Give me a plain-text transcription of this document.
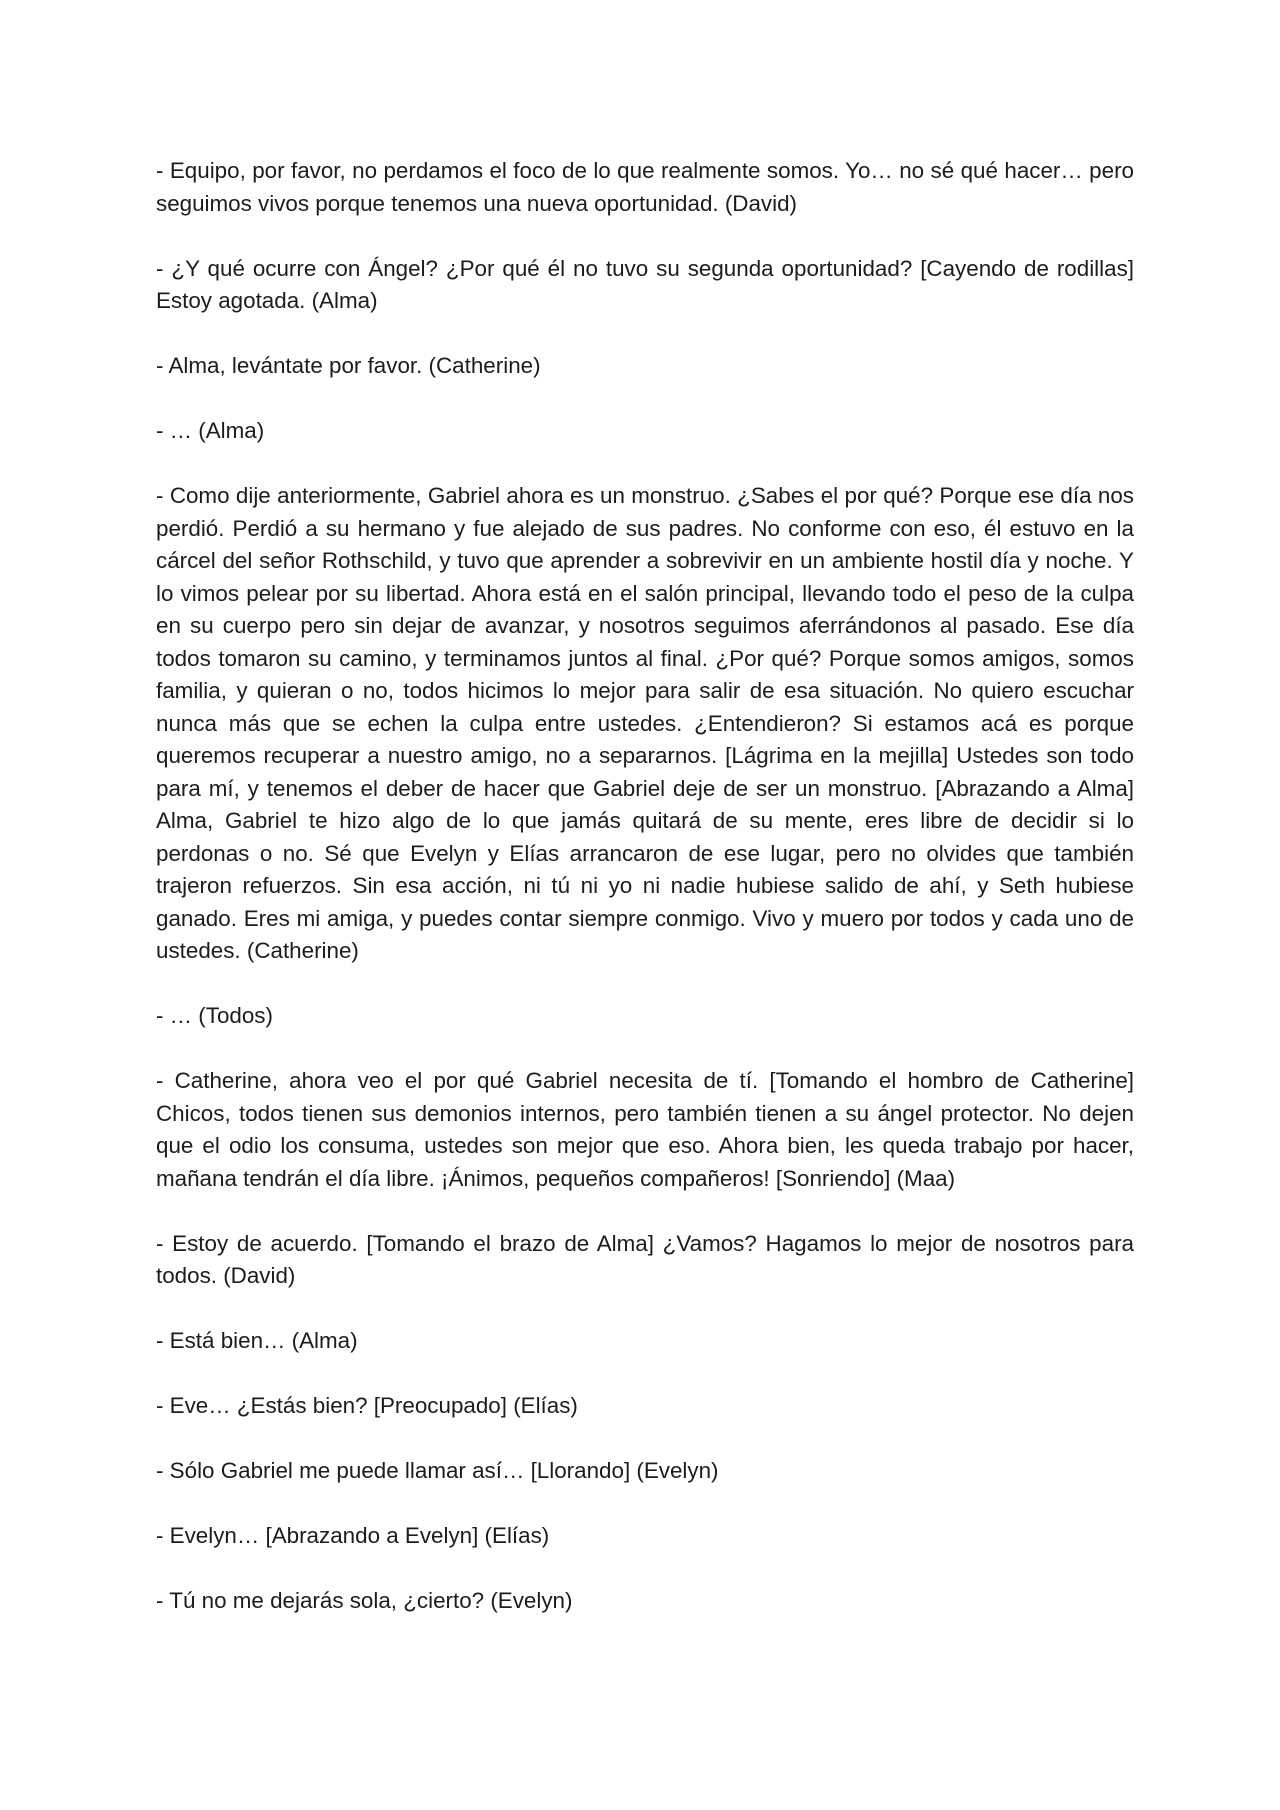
- Equipo, por favor, no perdamos el foco de lo que realmente somos. Yo… no sé qué hacer… pero seguimos vivos porque tenemos una nueva oportunidad. (David)

- ¿Y qué ocurre con Ángel? ¿Por qué él no tuvo su segunda oportunidad? [Cayendo de rodillas] Estoy agotada. (Alma)

- Alma, levántate por favor. (Catherine)

- … (Alma)

- Como dije anteriormente, Gabriel ahora es un monstruo. ¿Sabes el por qué? Porque ese día nos perdió. Perdió a su hermano y fue alejado de sus padres. No conforme con eso, él estuvo en la cárcel del señor Rothschild, y tuvo que aprender a sobrevivir en un ambiente hostil día y noche. Y lo vimos pelear por su libertad. Ahora está en el salón principal, llevando todo el peso de la culpa en su cuerpo pero sin dejar de avanzar, y nosotros seguimos aferrándonos al pasado. Ese día todos tomaron su camino, y terminamos juntos al final. ¿Por qué? Porque somos amigos, somos familia, y quieran o no, todos hicimos lo mejor para salir de esa situación. No quiero escuchar nunca más que se echen la culpa entre ustedes. ¿Entendieron? Si estamos acá es porque queremos recuperar a nuestro amigo, no a separarnos. [Lágrima en la mejilla] Ustedes son todo para mí, y tenemos el deber de hacer que Gabriel deje de ser un monstruo. [Abrazando a Alma] Alma, Gabriel te hizo algo de lo que jamás quitará de su mente, eres libre de decidir si lo perdonas o no. Sé que Evelyn y Elías arrancaron de ese lugar, pero no olvides que también trajeron refuerzos. Sin esa acción, ni tú ni yo ni nadie hubiese salido de ahí, y Seth hubiese ganado. Eres mi amiga, y puedes contar siempre conmigo. Vivo y muero por todos y cada uno de ustedes. (Catherine)

- … (Todos)

- Catherine, ahora veo el por qué Gabriel necesita de tí. [Tomando el hombro de Catherine] Chicos, todos tienen sus demonios internos, pero también tienen a su ángel protector. No dejen que el odio los consuma, ustedes son mejor que eso. Ahora bien, les queda trabajo por hacer, mañana tendrán el día libre. ¡Ánimos, pequeños compañeros! [Sonriendo] (Maa)

- Estoy de acuerdo. [Tomando el brazo de Alma] ¿Vamos? Hagamos lo mejor de nosotros para todos. (David)

- Está bien… (Alma)

- Eve… ¿Estás bien? [Preocupado] (Elías)

- Sólo Gabriel me puede llamar así… [Llorando] (Evelyn)

- Evelyn… [Abrazando a Evelyn] (Elías)

- Tú no me dejarás sola, ¿cierto? (Evelyn)
